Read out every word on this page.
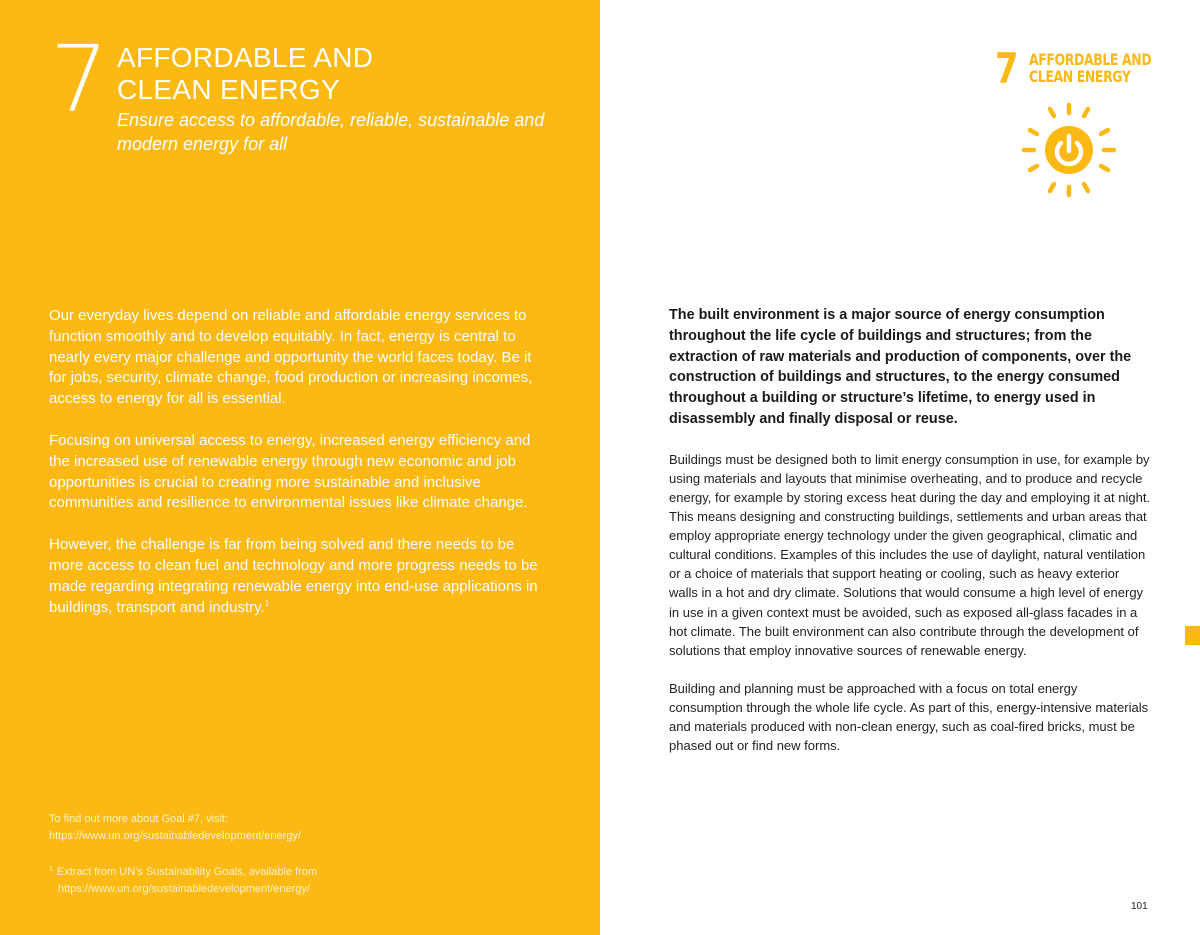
7 AFFORDABLE AND
CLEAN ENERGY
Ensure access to affordable, reliable, sustainable and modern energy for all

Our everyday lives depend on reliable and affordable energy services to function smoothly and to develop equitably. In fact, energy is central to nearly every major challenge and opportunity the world faces today. Be it for jobs, security, climate change, food production or increasing incomes, access to energy for all is essential.

Focusing on universal access to energy, increased energy efficiency and the increased use of renewable energy through new economic and job opportunities is crucial to creating more sustainable and inclusive communities and resilience to environmental issues like climate change.

However, the challenge is far from being solved and there needs to be more access to clean fuel and technology and more progress needs to be made regarding integrating renewable energy into end-use applications in buildings, transport and industry.$^1$

To find out more about Goal #7, visit:
https://www.un.org/sustainabledevelopment/energy/

$^1$ Extract from UN’s Sustainability Goals, available from
https://www.un.org/sustainabledevelopment/energy/

7 AFFORDABLE AND
CLEAN ENERGY

The built environment is a major source of energy consumption throughout the life cycle of buildings and structures; from the extraction of raw materials and production of components, over the construction of buildings and structures, to the energy consumed throughout a building or structure’s lifetime, to energy used in disassembly and finally disposal or reuse.

Buildings must be designed both to limit energy consumption in use, for example by using materials and layouts that minimise overheating, and to produce and recycle energy, for example by storing excess heat during the day and employing it at night. This means designing and constructing buildings, settlements and urban areas that employ appropriate energy technology under the given geographical, climatic and cultural conditions. Examples of this includes the use of daylight, natural ventilation or a choice of materials that support heating or cooling, such as heavy exterior walls in a hot and dry climate. Solutions that would consume a high level of energy in use in a given context must be avoided, such as exposed all-glass facades in a hot climate. The built environment can also contribute through the development of solutions that employ innovative sources of renewable energy.

Building and planning must be approached with a focus on total energy consumption through the whole life cycle. As part of this, energy-intensive materials and materials produced with non-clean energy, such as coal-fired bricks, must be phased out or find new forms.

101
